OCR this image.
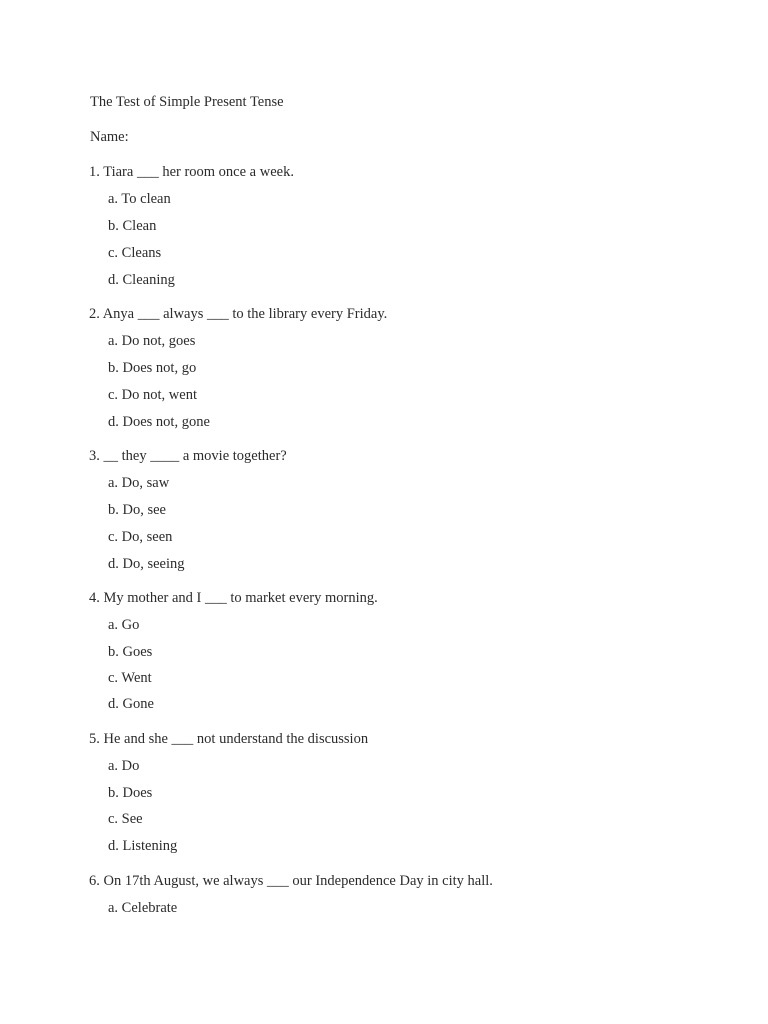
The Test of Simple Present Tense
Name:
1. Tiara ___ her room once a week.
a. To clean
b. Clean
c. Cleans
d. Cleaning
2. Anya ___ always ___ to the library every Friday.
a. Do not, goes
b. Does not, go
c. Do not, went
d. Does not, gone
3. __ they ____ a movie together?
a. Do, saw
b. Do, see
c. Do, seen
d. Do, seeing
4. My mother and I ___ to market every morning.
a. Go
b. Goes
c. Went
d. Gone
5. He and she ___ not understand the discussion
a. Do
b. Does
c. See
d. Listening
6. On 17th August, we always ___ our Independence Day in city hall.
a. Celebrate
